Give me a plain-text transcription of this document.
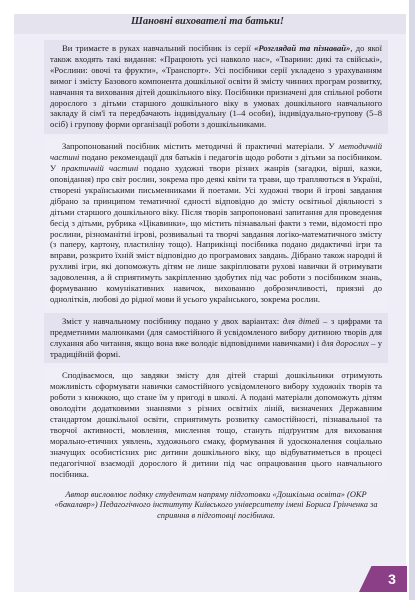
Шановні вихователі та батьки!

Ви тримаєте в руках навчальний посібник із серії «Розглядай та пізнавай», до якої також входять такі видання: «Працюють усі навколо нас», «Тварини: дикі та свійські», «Рослини: овочі та фрукти», «Транспорт». Усі посібники серії укладено з урахуванням вимог і змісту Базового компонента дошкільної освіти й змісту чинних програм розвитку, навчання та виховання дітей дошкільного віку. Посібники призначені для спільної роботи дорослого з дітьми старшого дошкільного віку в умовах дошкільного навчального закладу й сім'ї та передбачають індивідуальну (1–4 особи), індивідуально-групову (5–8 осіб) і групову форми організації роботи з дошкільниками.

Запропонований посібник містить методичні й практичні матеріали. У методичній частині подано рекомендації для батьків і педагогів щодо роботи з дітьми за посібником. У практичній частині подано художні твори різних жанрів (загадки, вірші, казки, оповідання) про світ рослин, зокрема про деякі квіти та трави, що трапляються в Україні, створені українськими письменниками й поетами. Усі художні твори й ігрові завдання дібрано за принципом тематичної єдності відповідно до змісту освітньої діяльності з дітьми старшого дошкільного віку. Після творів запропоновані запитання для проведення бесід з дітьми, рубрика «Цікавинки», що містить пізнавальні факти з теми, відомості про рослини, різноманітні ігрові, розвивальні та творчі завдання логіко-математичного змісту (з паперу, картону, пластиліну тощо). Наприкінці посібника подано дидактичні ігри та вправи, розкрито їхній зміст відповідно до програмових завдань. Дібрано також народні й рухливі ігри, які допоможуть дітям не лише закріплювати рухові навички й отримувати задоволення, а й сприятимуть закріпленню здобутих під час роботи з посібником знань, формуванню комунікативних навичок, вихованню доброзичливості, приязні до однолітків, любові до рідної мови й усього українського, зокрема рослин.

Зміст у навчальному посібнику подано у двох варіантах: для дітей – з цифрами та предметними малюнками (для самостійного й усвідомленого вибору дитиною творів для слухання або читання, якщо вона вже володіє відповідними навичками) і для дорослих – у традиційній формі.

Сподіваємося, що завдяки змісту для дітей старші дошкільники отримують можливість сформувати навички самостійного усвідомленого вибору художніх творів та роботи з книжкою, що стане їм у пригоді в школі. А подані матеріали допоможуть дітям оволодіти додатковими знаннями з різних освітніх ліній, визначених Державним стандартом дошкільної освіти, сприятимуть розвитку самостійності, пізнавальної та творчої активності, мовлення, мислення тощо, стануть підґрунтям для виховання морально-етичних уявлень, художнього смаку, формування й удосконалення соціально значущих особистісних рис дитини дошкільного віку, що відбуватиметься в процесі педагогічної взаємодії дорослого й дитини під час опрацювання цього навчального посібника.

Автор висловлює подяку студентам напряму підготовки «Дошкільна освіта» (ОКР «бакалавр») Педагогічного інституту Київського університету імені Бориса Грінченка за сприяння в підготовці посібника.
3
